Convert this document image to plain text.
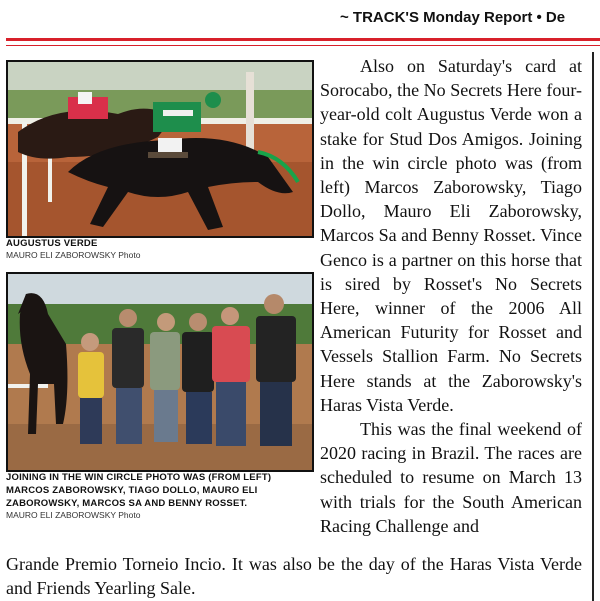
~ TRACK'S Monday Report • De
AUGUSTUS VERDE
MAURO ELI ZABOROWSKY Photo
JOINING IN THE WIN CIRCLE PHOTO WAS (FROM LEFT)
MARCOS ZABOROWSKY, TIAGO DOLLO, MAURO ELI
ZABOROWSKY, MARCOS SA AND BENNY ROSSET.
MAURO ELI ZABOROWSKY Photo

Also on Saturday's card at Sorocabo, the No Secrets Here four-year-old colt Augustus Verde won a stake for Stud Dos Amigos. Joining in the win circle photo was (from left) Marcos Zaborowsky, Tiago Dollo, Mauro Eli Zaborowsky, Marcos Sa and Benny Rosset. Vince Genco is a partner on this horse that is sired by Rosset's No Secrets Here, winner of the 2006 All American Futurity for Rosset and Vessels Stallion Farm. No Secrets Here stands at the Zaborowsky's Haras Vista Verde.

This was the final weekend of 2020 racing in Brazil. The races are scheduled to resume on March 13 with trials for the South American Racing Challenge and

Grande Premio Torneio Incio. It was also be the day of the Haras Vista Verde and Friends Yearling Sale.
